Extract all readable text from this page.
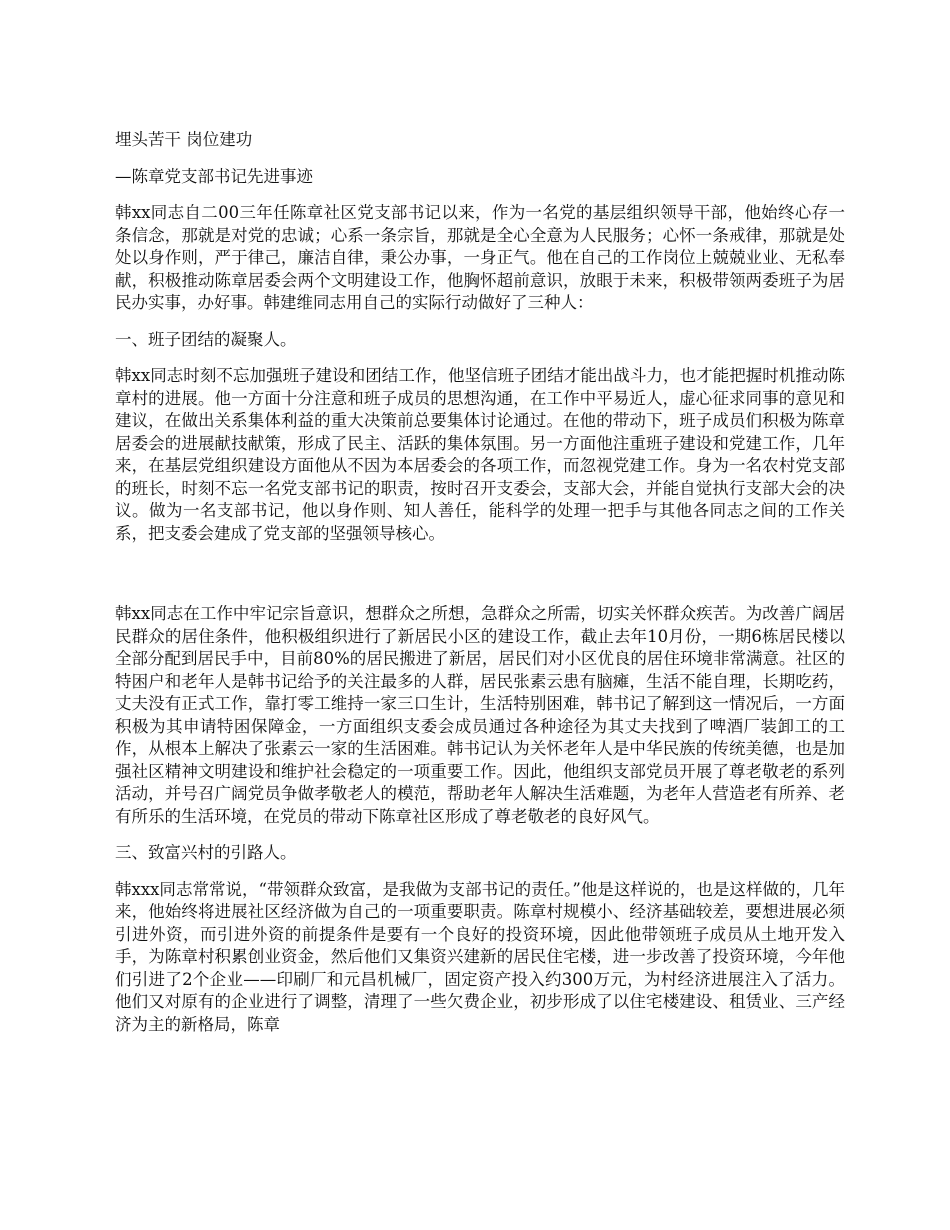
埋头苦干 岗位建功
—陈章党支部书记先进事迹
韩xx同志自二00三年任陈章社区党支部书记以来，作为一名党的基层组织领导干部，他始终心存一条信念，那就是对党的忠诚；心系一条宗旨，那就是全心全意为人民服务；心怀一条戒律，那就是处处以身作则，严于律己，廉洁自律，秉公办事，一身正气。他在自己的工作岗位上兢兢业业、无私奉献，积极推动陈章居委会两个文明建设工作，他胸怀超前意识，放眼于未来，积极带领两委班子为居民办实事，办好事。韩建维同志用自己的实际行动做好了三种人：
一、班子团结的凝聚人。
韩xx同志时刻不忘加强班子建设和团结工作，他坚信班子团结才能出战斗力，也才能把握时机推动陈章村的进展。他一方面十分注意和班子成员的思想沟通，在工作中平易近人，虚心征求同事的意见和建议，在做出关系集体利益的重大决策前总要集体讨论通过。在他的带动下，班子成员们积极为陈章居委会的进展献技献策，形成了民主、活跃的集体氛围。另一方面他注重班子建设和党建工作，几年来，在基层党组织建设方面他从不因为本居委会的各项工作，而忽视党建工作。身为一名农村党支部的班长，时刻不忘一名党支部书记的职责，按时召开支委会，支部大会，并能自觉执行支部大会的决议。做为一名支部书记，他以身作则、知人善任，能科学的处理一把手与其他各同志之间的工作关系，把支委会建成了党支部的坚强领导核心。
韩xx同志在工作中牢记宗旨意识，想群众之所想，急群众之所需，切实关怀群众疾苦。为改善广阔居民群众的居住条件，他积极组织进行了新居民小区的建设工作，截止去年10月份，一期6栋居民楼以全部分配到居民手中，目前80%的居民搬进了新居，居民们对小区优良的居住环境非常满意。社区的特困户和老年人是韩书记给予的关注最多的人群，居民张素云患有脑瘫，生活不能自理，长期吃药，丈夫没有正式工作，靠打零工维持一家三口生计，生活特别困难，韩书记了解到这一情况后，一方面积极为其申请特困保障金，一方面组织支委会成员通过各种途径为其丈夫找到了啤酒厂装卸工的工作，从根本上解决了张素云一家的生活困难。韩书记认为关怀老年人是中华民族的传统美德，也是加强社区精神文明建设和维护社会稳定的一项重要工作。因此，他组织支部党员开展了尊老敬老的系列活动，并号召广阔党员争做孝敬老人的模范，帮助老年人解决生活难题，为老年人营造老有所养、老有所乐的生活环境，在党员的带动下陈章社区形成了尊老敬老的良好风气。
三、致富兴村的引路人。
韩xxx同志常常说，“带领群众致富，是我做为支部书记的责任。”他是这样说的，也是这样做的，几年来，他始终将进展社区经济做为自己的一项重要职责。陈章村规模小、经济基础较差，要想进展必须引进外资，而引进外资的前提条件是要有一个良好的投资环境，因此他带领班子成员从土地开发入手，为陈章村积累创业资金，然后他们又集资兴建新的居民住宅楼，进一步改善了投资环境，今年他们引进了2个企业——印刷厂和元昌机械厂，固定资产投入约300万元，为村经济进展注入了活力。他们又对原有的企业进行了调整，清理了一些欠费企业，初步形成了以住宅楼建设、租赁业、三产经济为主的新格局，陈章
